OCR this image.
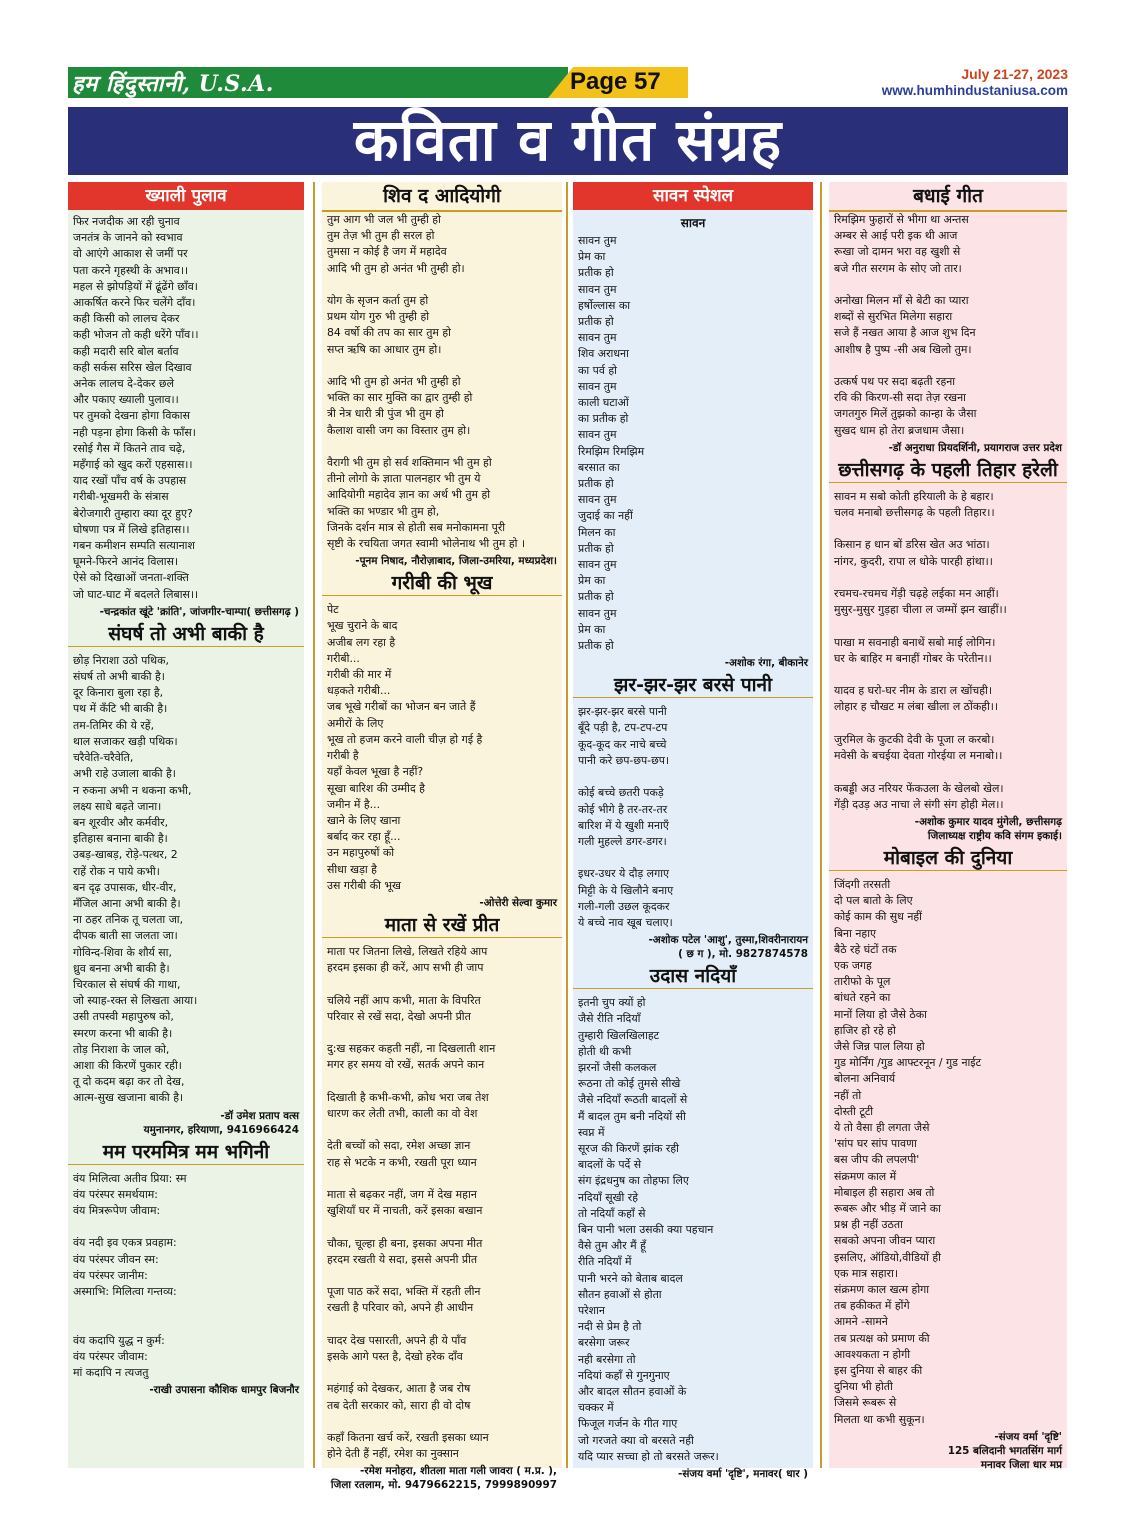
हम हिंदुस्तानी, U.S.A.	Page 57	July 21-27, 2023
www.humhindustaniusa.com
कविता व गीत संग्रह
ख्याली पुलाव
फिर नजदीक आ रही चुनाव
जनतंत्र के जानने को स्वभाव
वो आएंगे आकाश से जमीं पर
पता करने गृहस्थी के अभाव।।
महल से झोपड़ियों में ढूंढेंगे छाँव।
आकर्षित करने फिर चलेंगे दाँव।
कही किसी को लालच देकर
कही भोजन तो कही धरेंगे पाँव।।
कही मदारी सरि बोल बर्ताव
कही सर्कस सरिस खेल दिखाव
अनेक लालच दे-देकर छले
और पकाए ख्याली पुलाव।।
पर तुमको देखना होगा विकास
नही पड़ना होगा किसी के फाँस।
रसोई गैस में कितने ताव चढ़े,
महँगाई को खुद करों एहसास।।
याद रखों पाँच वर्ष के उपहास
गरीबी-भूखमरी के संत्रास
बेरोजगारी तुम्हारा क्या दूर हुए?
घोषणा पत्र में लिखे इतिहास।।
गबन कमीशन सम्पति सत्यानाश
घूमने-फिरने आनंद विलास।
ऐसे को दिखाओं जनता-शक्ति
जो घाट-घाट में बदलते लिबास।।
-चन्द्रकांत खूंटे 'क्रांति', जांजगीर-चाम्पा( छत्तीसगढ़ )
संघर्ष तो अभी बाकी है
छोड़ निराशा उठो पथिक,
संघर्ष तो अभी बाकी है।
दूर किनारा बुला रहा है,
पथ में कँटि भी बाकी है।
तम-तिमिर की ये रहें,
थाल सजाकर खड़ी पथिक।
चरैवेति-चरैवेति,
अभी राहे उजाला बाकी है।
न रुकना अभी न थकना कभी,
लक्ष्य साधे बढ़ते जाना।
बन शूरवीर और कर्मवीर,
इतिहास बनाना बाकी है।
उबड़-खाबड़, रोड़े-पत्थर, 2
राहें रोक न पाये कभी।
बन दृढ़ उपासक, धीर-वीर,
मँजिल आना अभी बाकी है।
ना ठहर तनिक तू चलता जा,
दीपक बाती सा जलता जा।
गोविन्द-शिवा के शौर्य सा,
ध्रुव बनना अभी बाकी है।
चिरकाल से संघर्ष की गाथा,
जो स्याह-रक्त से लिखता आया।
उसी तपस्वी महापुरुष को,
स्मरण करना भी बाकी है।
तोड़ निराशा के जाल को,
आशा की किरणें पुकार रही।
तू दो कदम बढ़ा कर तो देख,
आत्म-सुख खजाना बाकी है।
-डॉ उमेश प्रताप वत्स
यमुनानगर, हरियाणा, 9416966424
मम परममित्र मम भगिनी
वंय मिलित्वा अतीव प्रिया: स्म
वंय परंस्पर समर्थयाम:
वंय मित्ररूपेण जीवाम:

वंय नदी इव एकत्र प्रवहाम:
वंय परंस्पर जीवन स्म:
वंय परंस्पर जानीम:
अस्माभि: मिलित्वा गन्तव्य:

वंय कदापि युद्ध न कुर्म:
वंय परंस्पर जीवाम:
मां कदापि न त्यजतु
-राखी उपासना कौशिक धामपुर बिजनौर
शिव द आदियोगी
तुम आग भी जल भी तुम्ही हो
तुम तेज़ भी तुम ही सरल हो
तुमसा न कोई है जग में महादेव
आदि भी तुम हो अनंत भी तुम्ही हो।

योग के सृजन कर्ता तुम हो
प्रथम योग गुरु भी तुम्ही हो
84 वर्षो की तप का सार तुम हो
सप्त ऋषि का आधार तुम हो।

आदि भी तुम हो अनंत भी तुम्ही हो
भक्ति का सार मुक्ति का द्वार तुम्ही हो
त्री नेत्र धारी त्री पुंज भी तुम हो
कैलाश वासी जग का विस्तार तुम हो।

वैरागी भी तुम हो सर्व शक्तिमान भी तुम हो
तीनो लोगो के ज्ञाता पालनहार भी तुम ये
आदियोगी महादेव ज्ञान का अर्थ भी तुम हो
भक्ति का भण्डार भी तुम हो,
जिनके दर्शन मात्र से होती सब मनोकामना पूरी
सृष्टी के रचयिता जगत स्वामी भोलेनाथ भी तुम हो ।
-पूनम निषाद, नौरोज़ाबाद, जिला-उमरिया, मध्यप्रदेश।
गरीबी की भूख
पेट
भूख चुराने के बाद
अजीब लग रहा है
गरीबी...
गरीबी की मार में
धड़कते गरीबी...
जब भूखे गरीबों का भोजन बन जाते हैं
अमीरों के लिए
भूख तो हजम करने वाली चीज़ हो गई है
गरीबी है
यहाँ केवल भूखा है नहीं?
सूखा बारिश की उम्मीद है
जमीन में है...
खाने के लिए खाना
बर्बाद कर रहा हूँ...
उन महापुरुषों को
सीधा खड़ा है
उस गरीबी की भूख
-ओत्तेरी सेल्वा कुमार
माता से रखें प्रीत
माता पर जितना लिखे, लिखते रहिये आप
हरदम इसका ही करें, आप सभी ही जाप

चलिये नहीं आप कभी, माता के विपरित
परिवार से रखें सदा, देखो अपनी प्रीत

दु:ख सहकर कहती नहीं, ना दिखलाती शान
मगर हर समय वो रखें, सतर्क अपने कान

दिखाती है कभी-कभी, क्रोध भरा जब तेश
धारण कर लेती तभी, काली का वो वेश

देती बच्चों को सदा, रमेश अच्छा ज्ञान
राह से भटके न कभी, रखती पूरा ध्यान

माता से बढ़कर नहीं, जग में देख महान
खुशियाँ घर में नाचती, करें इसका बखान

चौका, चूल्हा ही बना, इसका अपना मीत
हरदम रखती ये सदा, इससे अपनी प्रीत

पूजा पाठ करें सदा, भक्ति में रहती लीन
रखती है परिवार को, अपने ही आधीन

चादर देख पसारती, अपने ही ये पाँव
इसके आगे पस्त है, देखो हरेक दाँव

महंगाई को देखकर, आता है जब रोष
तब देती सरकार को, सारा ही वो दोष

कहाँ कितना खर्च करें, रखती इसका ध्यान
होने देती हैं नहीं, रमेश का नुक्सान
-रमेश मनोहरा, शीतला माता गली जावरा ( म.प्र. ),
जिला रतलाम, मो. 9479662215, 7999890997
सावन स्पेशल
सावन
सावन तुम
प्रेम का
प्रतीक हो
सावन तुम
हर्षोल्लास का
प्रतीक हो
सावन तुम
शिव अराधना
का पर्व हो
सावन तुम
काली घटाओं
का प्रतीक हो
सावन तुम
रिमझिम रिमझिम
बरसात का
प्रतीक हो
सावन तुम
जुदाई का नहीं
मिलन का
प्रतीक हो
सावन तुम
प्रेम का
प्रतीक हो
सावन तुम
प्रेम का
प्रतीक हो
-अशोक रंगा, बीकानेर
झर-झर-झर बरसे पानी
झर-झर-झर बरसे पानी
बूँदे पड़ी है, टप-टप-टप
कूद-कूद कर नाचे बच्चे
पानी करे छप-छप-छप।

कोई बच्चे छतरी पकड़े
कोई भीगे है तर-तर-तर
बारिश में ये खुशी मनाएँ
गली मुहल्ले डगर-डगर।

इधर-उधर ये दौड़ लगाए
मिट्टी के ये खिलौने बनाए
गली-गली उछल कूदकर
ये बच्चे नाव खूब चलाए।
-अशोक पटेल 'आशु', तुस्मा,शिवरीनारायन
( छ ग ), मो. 9827874578
उदास नदियाँ
इतनी चुप क्यों हो
जैसे रीति नदियाँ
तुम्हारी खिलखिलाहट
होती थी कभी
झरनों जैसी कलकल
रूठना तो कोई तुमसे सीखे
जैसे नदियाँ रूठती बादलों से
मैं बादल तुम बनी नदियों सी
स्वप्न में
सूरज की किरणें झांक रही
बादलों के पर्दे से
संग इंद्रधनुष का तोहफा लिए
नदियाँ सूखी रहे
तो नदियाँ कहाँ से
बिन पानी भला उसकी क्या पहचान
वैसे तुम और मैं हूँ
रीति नदियाँ में
पानी भरने को बेताब बादल
सौतन हवाओं से होता
परेशान
नदी से प्रेम है तो
बरसेगा जरूर
नही बरसेगा तो
नदियां कहाँ से गुनगुनाए
और बादल सौतन हवाओं के
चक्कर में
फिजूल गर्जन के गीत गाए
जो गरजते क्या वो बरसते नही
यदि प्यार सच्चा हो तो बरसते जरूर।
-संजय वर्मा 'दृष्टि', मनावर( धार )
बधाई गीत
रिमझिम फुहारों से भीगा था अन्तस
अम्बर से आई परी इक थी आज
रूखा जो दामन भरा वह खुशी से
बजे गीत सरगम के सोए जो तार।

अनोखा मिलन माँ से बेटी का प्यारा
शब्दों से सुरभित मिलेगा सहारा
सजे हैं नखत आया है आज शुभ दिन
आशीष है पुष्प -सी अब खिलो तुम।

उत्कर्ष पथ पर सदा बढ़ती रहना
रवि की किरण-सी सदा तेज़ रखना
जगतगुरु मिलें तुझको कान्हा के जैसा
सुखद धाम हो तेरा ब्रजधाम जैसा।
-डॉ अनुराधा प्रियदर्शिनी, प्रयागराज उत्तर प्रदेश
छत्तीसगढ़ के पहली तिहार हरेली
सावन म सबो कोती हरियाली के हे बहार।
चलव मनाबो छत्तीसगढ़ के पहली तिहार।।

किसान ह धान बों डरिस खेत अउ भांठा।
नांगर, कुदरी, रापा ल धोके पारही हांथा।।

रचमच-रचमच गेंड़ी चढ़हे लईका मन आहीं।
मुसुर-मुसुर गुड़हा चीला ल जम्मों झन खाहीं।।

पाखा म सवनाही बनाथें सबो माई लोगिन।
घर के बाहिर म बनाहीं गोबर के परेतीन।।

यादव ह घरो-घर नीम के डारा ल खोंचही।
लोहार ह चौखट म लंबा खीला ल ठोंकही।।

जुरमिल के कुटकी देवी के पूजा ल करबो।
मवेसी के बचईया देवता गोरईया ल मनाबो।।

कबड्डी अउ नरियर फेंकउला के खेलबो खेल।
गेंड़ी दउड़ अउ नाचा ले संगी संग होही मेल।।
-अशोक कुमार यादव मुंगेली, छत्तीसगढ़
जिलाध्यक्ष राष्ट्रीय कवि संगम इकाई।
मोबाइल की दुनिया
जिंदगी तरसती
दो पल बातो के लिए
कोई काम की सुध नहीं
बिना नहाए
बैठे रहे घंटों तक
एक जगह
तारीफो के पूल
बांधते रहने का
मानों लिया हो जैसे ठेका
हाजिर हो रहे हो
जैसे जिन्न पाल लिया हो
गुड मोर्निंग /गुड आफ्टरनून / गुड नाईट
बोलना अनिवार्य
नहीं तो
दोस्ती टूटी
ये तो वैसा ही लगता जैसे
'सांप घर सांप पावणा
बस जीप की लपलपी'
संक्रमण काल में
मोबाइल ही सहारा अब तो
रूबरू और भीड़ में जाने का
प्रश्न ही नहीं उठता
सबको अपना जीवन प्यारा
इसलिए, ऑडियो,वीडियों ही
एक मात्र सहारा।
संक्रमण काल खत्म होगा
तब हकीकत में होंगे
आमने -सामने
तब प्रत्यक्ष को प्रमाण की
आवश्यकता न होगी
इस दुनिया से बाहर की
दुनिया भी होती
जिसमे रूबरू से
मिलता था कभी सुकून।
-संजय वर्मा 'दृष्टि'
125 बलिदानी भगतसिंग मार्ग
मनावर जिला धार मप्र
